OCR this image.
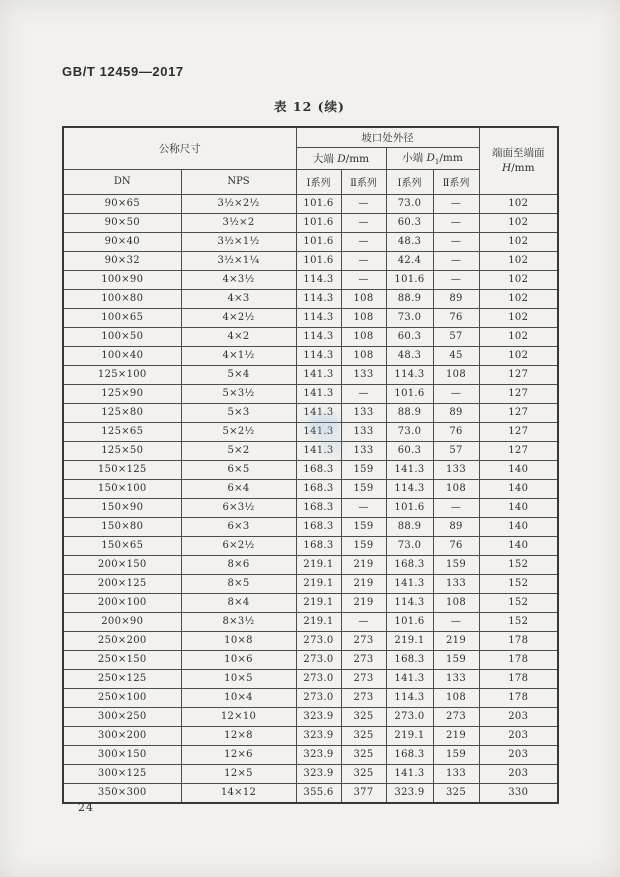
GB/T 12459—2017
表 12 (续)
公称尺寸		坡口处外径				端面至端面
H/mm
		大端 D/mm		小端 $D_1/mm$		
DN	NPS	Ⅰ系列	Ⅱ系列	Ⅰ系列	Ⅱ系列	
90×65	3½×2½	101.6	—	73.0	—	102
90×50	3½×2	101.6	—	60.3	—	102
90×40	3½×1½	101.6	—	48.3	—	102
90×32	3½×1¼	101.6	—	42.4	—	102
100×90	4×3½	114.3	—	101.6	—	102
100×80	4×3	114.3	108	88.9	89	102
100×65	4×2½	114.3	108	73.0	76	102
100×50	4×2	114.3	108	60.3	57	102
100×40	4×1½	114.3	108	48.3	45	102
125×100	5×4	141.3	133	114.3	108	127
125×90	5×3½	141.3	—	101.6	—	127
125×80	5×3	141.3	133	88.9	89	127
125×65	5×2½	141.3	133	73.0	76	127
125×50	5×2	141.3	133	60.3	57	127
150×125	6×5	168.3	159	141.3	133	140
150×100	6×4	168.3	159	114.3	108	140
150×90	6×3½	168.3	—	101.6	—	140
150×80	6×3	168.3	159	88.9	89	140
150×65	6×2½	168.3	159	73.0	76	140
200×150	8×6	219.1	219	168.3	159	152
200×125	8×5	219.1	219	141.3	133	152
200×100	8×4	219.1	219	114.3	108	152
200×90	8×3½	219.1	—	101.6	—	152
250×200	10×8	273.0	273	219.1	219	178
250×150	10×6	273.0	273	168.3	159	178
250×125	10×5	273.0	273	141.3	133	178
250×100	10×4	273.0	273	114.3	108	178
300×250	12×10	323.9	325	273.0	273	203
300×200	12×8	323.9	325	219.1	219	203
300×150	12×6	323.9	325	168.3	159	203
300×125	12×5	323.9	325	141.3	133	203
350×300	14×12	355.6	377	323.9	325	330
24
